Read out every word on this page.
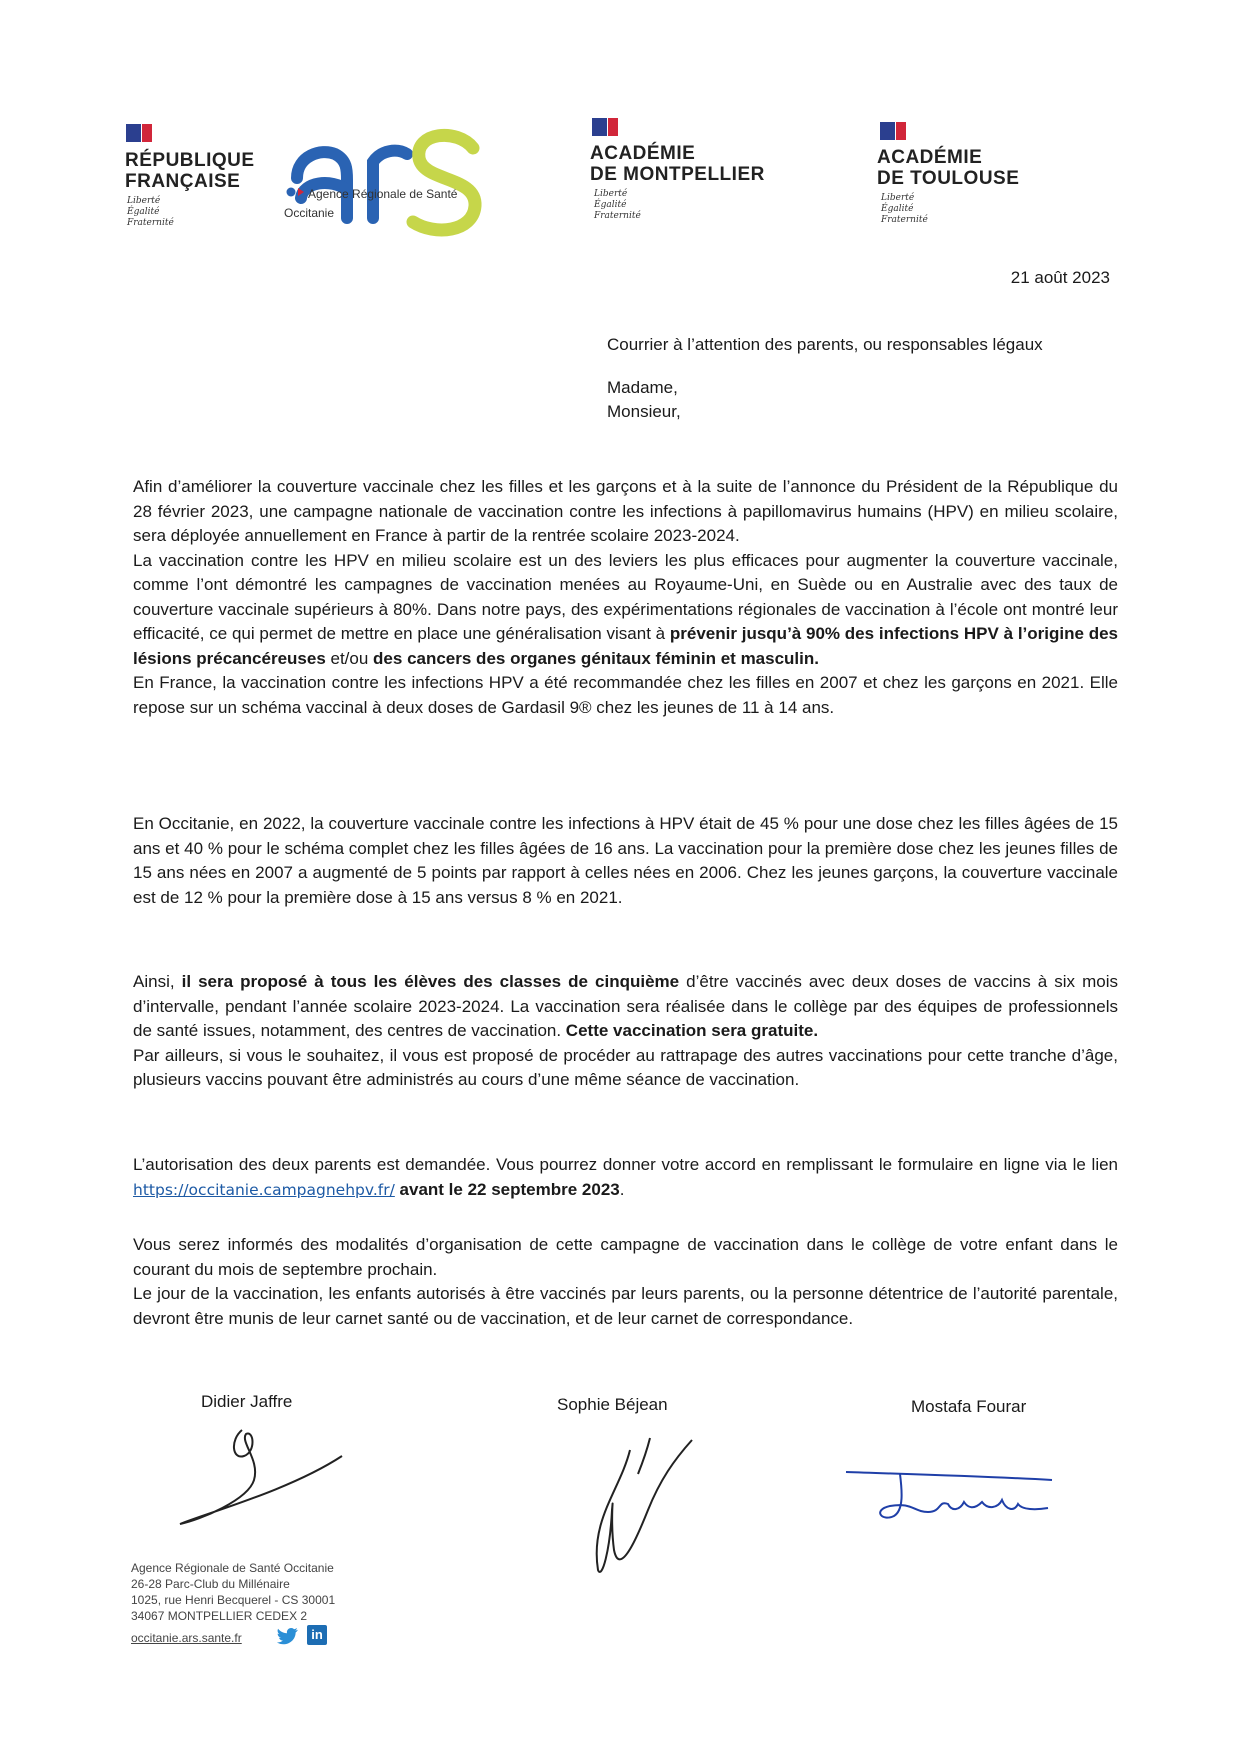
RÉPUBLIQUE
FRANÇAISE
Liberté
Égalité
Fraternité
Agence Régionale de Santé
Occitanie
ACADÉMIE
DE MONTPELLIER
Liberté
Égalité
Fraternité
ACADÉMIE
DE TOULOUSE
Liberté
Égalité
Fraternité
21 août 2023
Courrier à l’attention des parents, ou responsables légaux
Madame,
Monsieur,

Afin d’améliorer la couverture vaccinale chez les filles et les garçons et à la suite de l’annonce du Président de la République du 28 février 2023, une campagne nationale de vaccination contre les infections à papillomavirus humains (HPV) en milieu scolaire, sera déployée annuellement en France à partir de la rentrée scolaire 2023-2024.

La vaccination contre les HPV en milieu scolaire est un des leviers les plus efficaces pour augmenter la couverture vaccinale, comme l’ont démontré les campagnes de vaccination menées au Royaume-Uni, en Suède ou en Australie avec des taux de couverture vaccinale supérieurs à 80%. Dans notre pays, des expérimentations régionales de vaccination à l’école ont montré leur efficacité, ce qui permet de mettre en place une généralisation visant à prévenir jusqu’à 90% des infections HPV à l’origine des lésions précancéreuses et/ou des cancers des organes génitaux féminin et masculin.

En France, la vaccination contre les infections HPV a été recommandée chez les filles en 2007 et chez les garçons en 2021. Elle repose sur un schéma vaccinal à deux doses de Gardasil 9® chez les jeunes de 11 à 14 ans.

En Occitanie, en 2022, la couverture vaccinale contre les infections à HPV était de 45 % pour une dose chez les filles âgées de 15 ans et 40 % pour le schéma complet chez les filles âgées de 16 ans. La vaccination pour la première dose chez les jeunes filles de 15 ans nées en 2007 a augmenté de 5 points par rapport à celles nées en 2006. Chez les jeunes garçons, la couverture vaccinale est de 12 % pour la première dose à 15 ans versus 8 % en 2021.

Ainsi, il sera proposé à tous les élèves des classes de cinquième d’être vaccinés avec deux doses de vaccins à six mois d’intervalle, pendant l’année scolaire 2023-2024. La vaccination sera réalisée dans le collège par des équipes de professionnels de santé issues, notamment, des centres de vaccination. Cette vaccination sera gratuite.

Par ailleurs, si vous le souhaitez, il vous est proposé de procéder au rattrapage des autres vaccinations pour cette tranche d’âge, plusieurs vaccins pouvant être administrés au cours d’une même séance de vaccination.

L’autorisation des deux parents est demandée. Vous pourrez donner votre accord en remplissant le formulaire en ligne via le lien https://occitanie.campagnehpv.fr/ avant le 22 septembre 2023.

Vous serez informés des modalités d’organisation de cette campagne de vaccination dans le collège de votre enfant dans le courant du mois de septembre prochain.

Le jour de la vaccination, les enfants autorisés à être vaccinés par leurs parents, ou la personne détentrice de l’autorité parentale, devront être munis de leur carnet santé ou de vaccination, et de leur carnet de correspondance.

Didier Jaffre	Sophie Béjean	Mostafa Fourar
Agence Régionale de Santé Occitanie
26-28 Parc-Club du Millénaire
1025, rue Henri Becquerel - CS 30001
34067 MONTPELLIER CEDEX 2
occitanie.ars.sante.fr	in
